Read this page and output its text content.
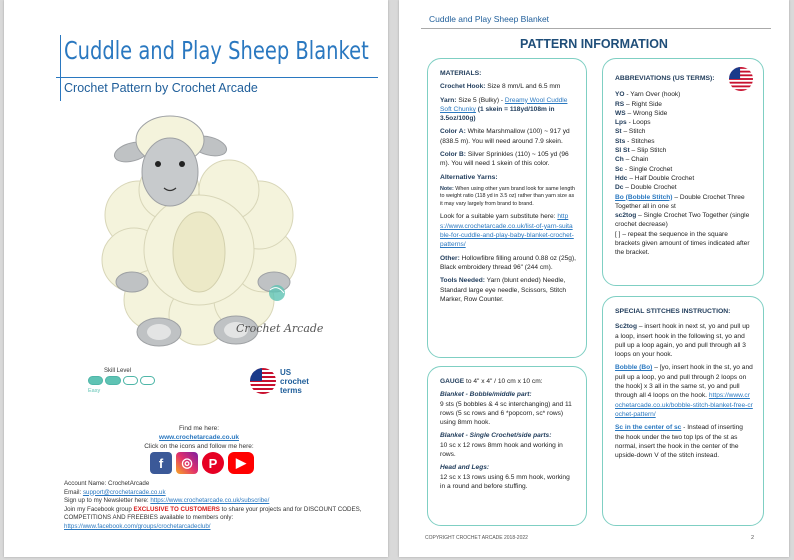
Cuddle and Play Sheep Blanket
Crochet Pattern by Crochet Arcade
Crochet Arcade
Skill Level
Easy
US
crochet
terms
Find me here:
www.crochetarcade.co.uk
Click on the icons and follow me here:
f	◎	P	▶
Account Name: CrochetArcade
Email: support@crochetarcade.co.uk
Sign up to my Newsletter here: https://www.crochetarcade.co.uk/subscribe/
Join my Facebook group EXCLUSIVE TO CUSTOMERS to share your projects and for DISCOUNT CODES, COMPETITIONS AND FREEBIES available to members only:
https://www.facebook.com/groups/crochetarcadeclub/
Cuddle and Play Sheep Blanket
PATTERN INFORMATION

MATERIALS:

Crochet Hook: Size 8 mm/L and 6.5 mm

Yarn: Size 5 (Bulky) - Dreamy Wool Cuddle Soft Chunky (1 skein = 118yd/108m in 3.5oz/100g)

Color A: White Marshmallow (100) ~ 917 yd (838.5 m). You will need around 7.9 skein.

Color B: Silver Sprinkles (110) ~ 105 yd (96 m). You will need 1 skein of this color.

Alternative Yarns:

Note: When using other yarn brand look for same length to weight ratio (118 yd in 3.5 oz) rather than yarn size as it may vary largely from brand to brand.

Look for a suitable yarn substitute here: https://www.crochetarcade.co.uk/list-of-yarn-suitable-for-cuddle-and-play-baby-blanket-crochet-patterns/

Other: Hollowfibre filling around 0.88 oz (25g), Black embroidery thread 96" (244 cm).

Tools Needed: Yarn (blunt ended) Needle, Standard large eye needle, Scissors, Stitch Marker, Row Counter.

GAUGE to 4" x 4" / 10 cm x 10 cm:

Blanket - Bobble/middle part:

9 sts (5 bobbles & 4 sc interchanging) and 11 rows (5 sc rows and 6 *popcorn, sc* rows) using 8mm hook.

Blanket - Single Crochet/side parts:

10 sc x 12 rows 8mm hook and working in rows.

Head and Legs:

12 sc x 13 rows using 6.5 mm hook, working in a round and before stuffing.

ABBREVIATIONS (US TERMS):

YO - Yarn Over (hook)
RS – Right Side
WS – Wrong Side
Lps - Loops
St – Stitch
Sts - Stitches
Sl St – Slip Stitch
Ch – Chain
Sc - Single Crochet
Hdc – Half Double Crochet
Dc – Double Crochet
Bo (Bobble Stitch) – Double Crochet Three Together all in one st
sc2tog – Single Crochet Two Together (single crochet decrease)
[ ] – repeat the sequence in the square brackets given amount of times indicated after the bracket.

SPECIAL STITCHES INSTRUCTION:

Sc2tog – insert hook in next st, yo and pull up a loop, insert hook in the following st, yo and pull up a loop again, yo and pull through all 3 loops on your hook.

Bobble (Bo) – [yo, insert hook in the st, yo and pull up a loop, yo and pull through 2 loops on the hook] x 3 all in the same st, yo and pull through all 4 loops on the hook. https://www.crochetarcade.co.uk/bobble-stitch-blanket-free-crochet-pattern/

Sc in the center of sc - Instead of inserting the hook under the two top lps of the st as normal, insert the hook in the center of the upside-down V of the stitch instead.

COPYRIGHT CROCHET ARCADE 2018-2022	2
